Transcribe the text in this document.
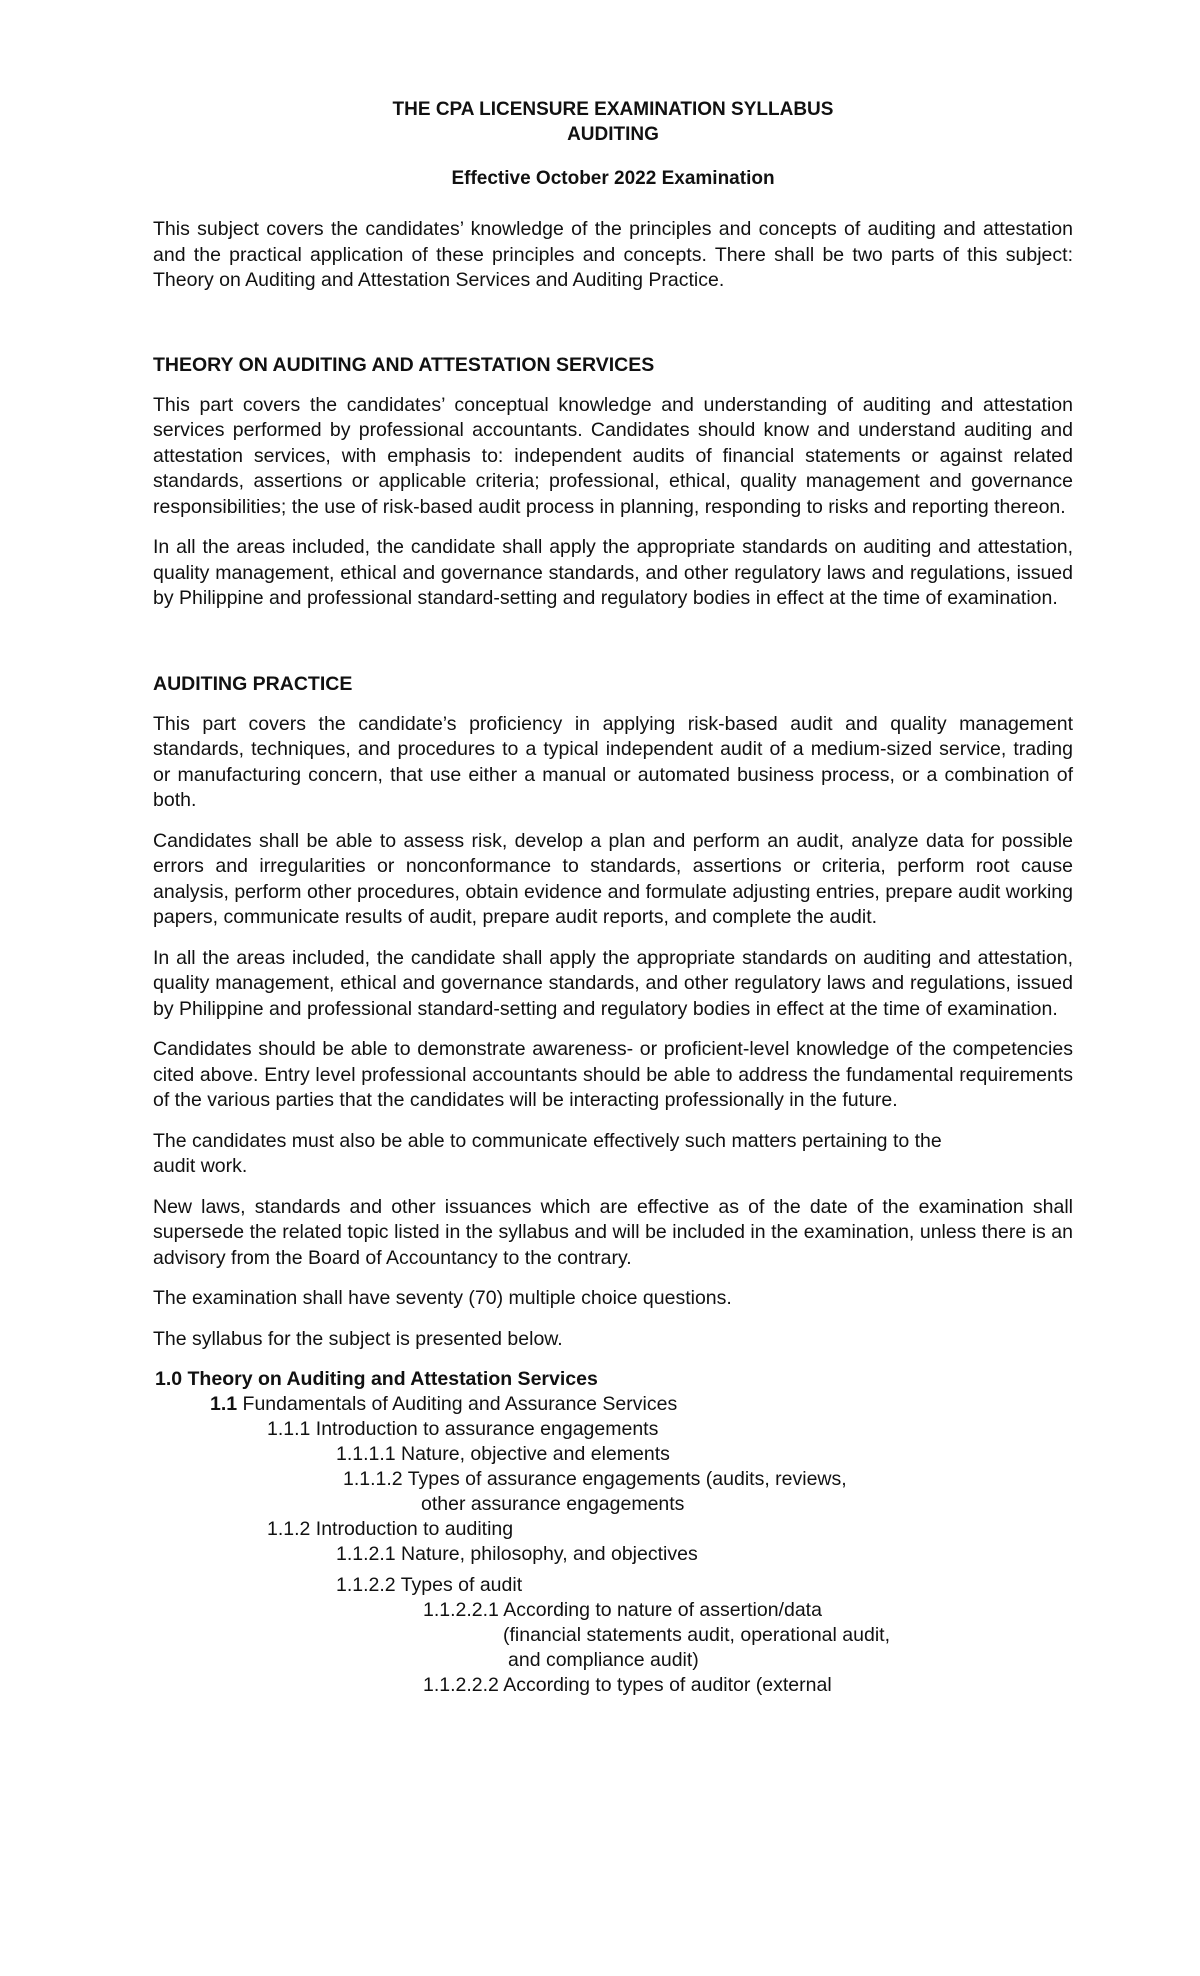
THE CPA LICENSURE EXAMINATION SYLLABUS
AUDITING
Effective October 2022 Examination

This subject covers the candidates’ knowledge of the principles and concepts of auditing and attestation and the practical application of these principles and concepts. There shall be two parts of this subject: Theory on Auditing and Attestation Services and Auditing Practice.

THEORY ON AUDITING AND ATTESTATION SERVICES

This part covers the candidates’ conceptual knowledge and understanding of auditing and attestation services performed by professional accountants. Candidates should know and understand auditing and attestation services, with emphasis to: independent audits of financial statements or against related standards, assertions or applicable criteria; professional, ethical, quality management and governance responsibilities; the use of risk-based audit process in planning, responding to risks and reporting thereon.

In all the areas included, the candidate shall apply the appropriate standards on auditing and attestation, quality management, ethical and governance standards, and other regulatory laws and regulations, issued by Philippine and professional standard-setting and regulatory bodies in effect at the time of examination.

AUDITING PRACTICE

This part covers the candidate’s proficiency in applying risk-based audit and quality management standards, techniques, and procedures to a typical independent audit of a medium-sized service, trading or manufacturing concern, that use either a manual or automated business process, or a combination of both.

Candidates shall be able to assess risk, develop a plan and perform an audit, analyze data for possible errors and irregularities or nonconformance to standards, assertions or criteria, perform root cause analysis, perform other procedures, obtain evidence and formulate adjusting entries, prepare audit working papers, communicate results of audit, prepare audit reports, and complete the audit.

In all the areas included, the candidate shall apply the appropriate standards on auditing and attestation, quality management, ethical and governance standards, and other regulatory laws and regulations, issued by Philippine and professional standard-setting and regulatory bodies in effect at the time of examination.

Candidates should be able to demonstrate awareness- or proficient-level knowledge of the competencies cited above. Entry level professional accountants should be able to address the fundamental requirements of the various parties that the candidates will be interacting professionally in the future.

The candidates must also be able to communicate effectively such matters pertaining to the

audit work.

New laws, standards and other issuances which are effective as of the date of the examination shall supersede the related topic listed in the syllabus and will be included in the examination, unless there is an advisory from the Board of Accountancy to the contrary.

The examination shall have seventy (70) multiple choice questions.

The syllabus for the subject is presented below.

1.0 Theory on Auditing and Attestation Services
1.1 Fundamentals of Auditing and Assurance Services
1.1.1 Introduction to assurance engagements
1.1.1.1 Nature, objective and elements
1.1.1.2 Types of assurance engagements (audits, reviews,
other assurance engagements
1.1.2 Introduction to auditing
1.1.2.1 Nature, philosophy, and objectives
1.1.2.2 Types of audit
1.1.2.2.1 According to nature of assertion/data
(financial statements audit, operational audit,
and compliance audit)
1.1.2.2.2 According to types of auditor (external
